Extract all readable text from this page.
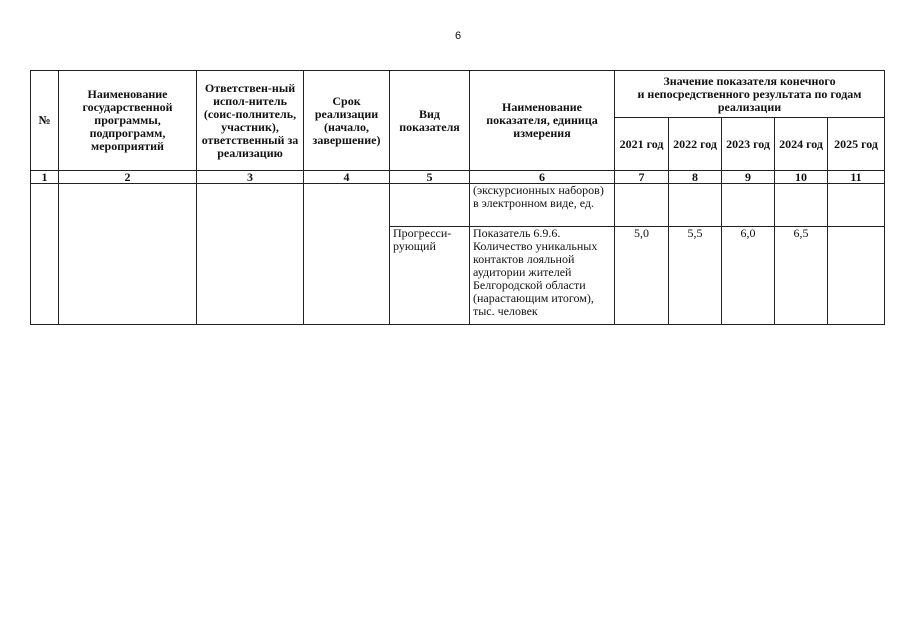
6
№	Наименование государственной программы, подпрограмм, мероприятий	Ответствен-ный испол-нитель (соис-полнитель, участник), ответственный за реализацию	Срок реализации (начало, завершение)	Вид показателя	Наименование показателя, единица измерения	Значение показателя конечного
и непосредственного результата по годам реализации				

						2021 год	2022 год	2023 год	2024 год	2025 год
1	2	3	4	5	6	7	8	9	10	11
					(экскурсионных наборов) в электронном видe, ед.					
				Прогресси-рующий	Показатель 6.9.6. Количество уникальных контактов лояльной аудитории жителей Белгородской области (нарастающим итогом), тыс. человек	5,0	5,5	6,0	6,5	
